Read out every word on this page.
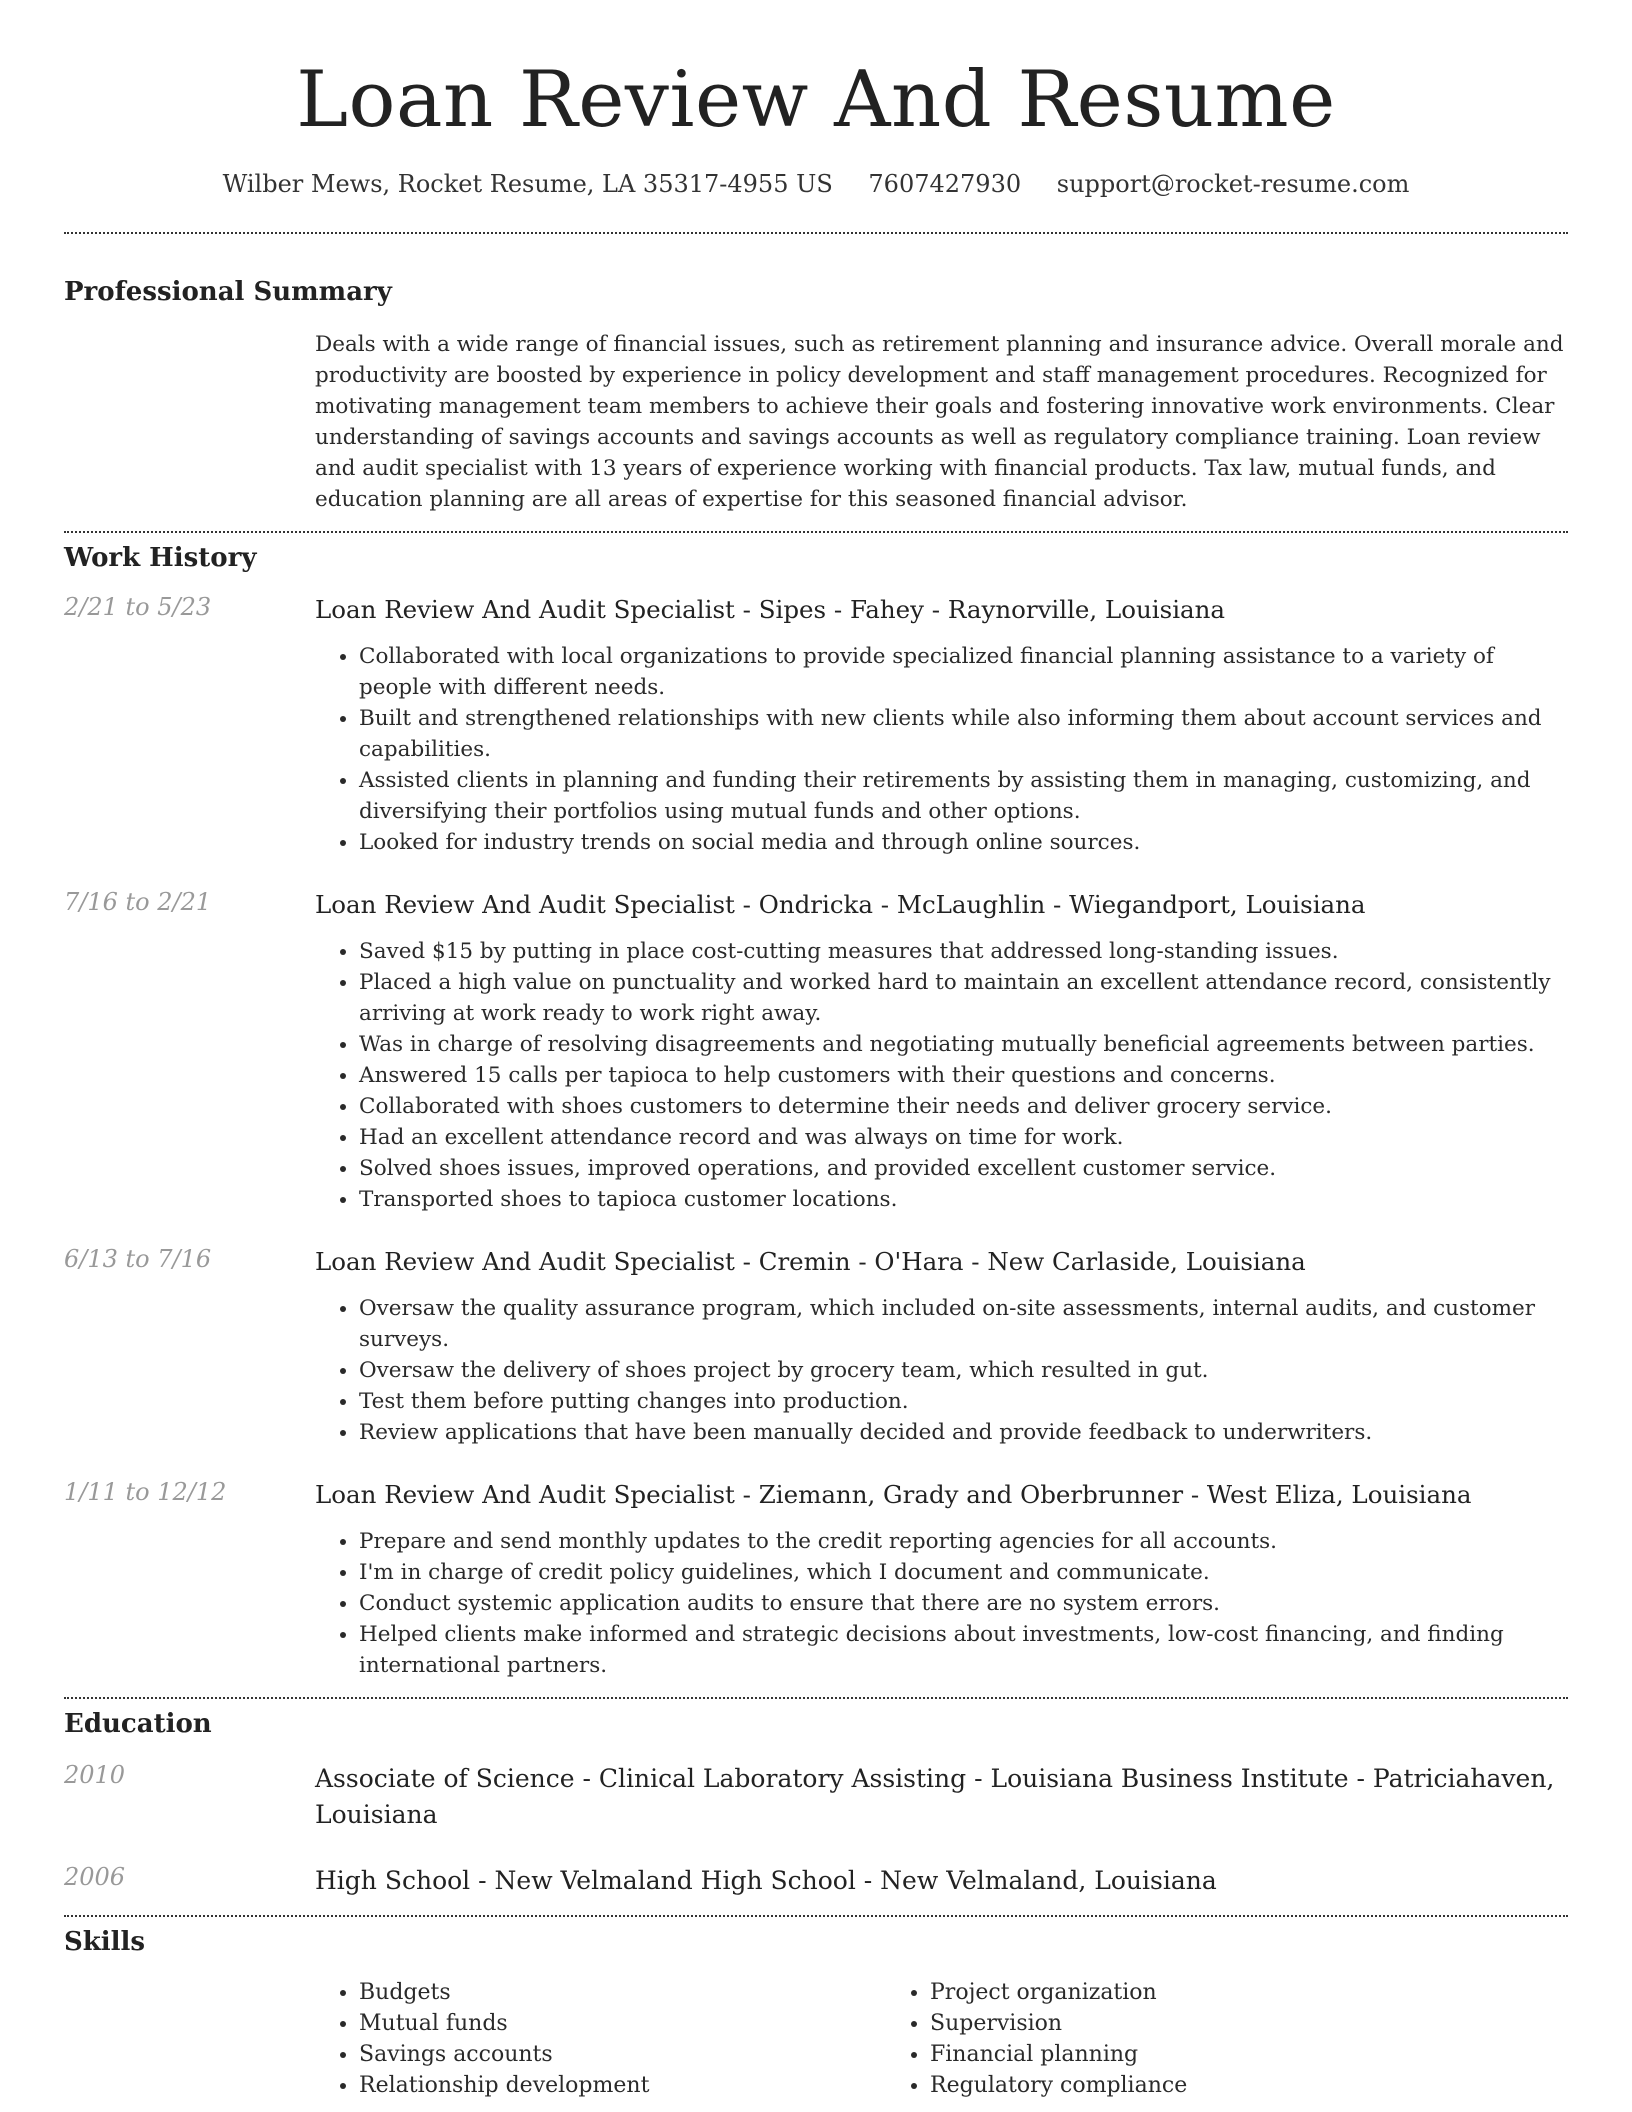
Loan Review And Resume
Wilber Mews, Rocket Resume, LA 35317-4955 US 7607427930 support@rocket-resume.com
Professional Summary

Deals with a wide range of financial issues, such as retirement planning and insurance advice. Overall morale and productivity are boosted by experience in policy development and staff management procedures. Recognized for motivating management team members to achieve their goals and fostering innovative work environments. Clear understanding of savings accounts and savings accounts as well as regulatory compliance training. Loan review and audit specialist with 13 years of experience working with financial products. Tax law, mutual funds, and education planning are all areas of expertise for this seasoned financial advisor.

Work History
2/21 to 5/23	Loan Review And Audit Specialist - Sipes - Fahey - Raynorville, Louisiana
• Collaborated with local organizations to provide specialized financial planning assistance to a variety of people with different needs.
• Built and strengthened relationships with new clients while also informing them about account services and capabilities.
• Assisted clients in planning and funding their retirements by assisting them in managing, customizing, and diversifying their portfolios using mutual funds and other options.
• Looked for industry trends on social media and through online sources.
7/16 to 2/21	Loan Review And Audit Specialist - Ondricka - McLaughlin - Wiegandport, Louisiana
• Saved $15 by putting in place cost-cutting measures that addressed long-standing issues.
• Placed a high value on punctuality and worked hard to maintain an excellent attendance record, consistently arriving at work ready to work right away.
• Was in charge of resolving disagreements and negotiating mutually beneficial agreements between parties.
• Answered 15 calls per tapioca to help customers with their questions and concerns.
• Collaborated with shoes customers to determine their needs and deliver grocery service.
• Had an excellent attendance record and was always on time for work.
• Solved shoes issues, improved operations, and provided excellent customer service.
• Transported shoes to tapioca customer locations.
6/13 to 7/16	Loan Review And Audit Specialist - Cremin - O'Hara - New Carlaside, Louisiana
• Oversaw the quality assurance program, which included on-site assessments, internal audits, and customer surveys.
• Oversaw the delivery of shoes project by grocery team, which resulted in gut.
• Test them before putting changes into production.
• Review applications that have been manually decided and provide feedback to underwriters.
1/11 to 12/12	Loan Review And Audit Specialist - Ziemann, Grady and Oberbrunner - West Eliza, Louisiana
• Prepare and send monthly updates to the credit reporting agencies for all accounts.
• I'm in charge of credit policy guidelines, which I document and communicate.
• Conduct systemic application audits to ensure that there are no system errors.
• Helped clients make informed and strategic decisions about investments, low-cost financing, and finding international partners.
Education
2010	Associate of Science - Clinical Laboratory Assisting - Louisiana Business Institute - Patriciahaven, Louisiana
2006	High School - New Velmaland High School - New Velmaland, Louisiana
Skills
• Budgets
• Mutual funds
• Savings accounts
• Relationship development
• Project organization
• Supervision
• Financial planning
• Regulatory compliance
